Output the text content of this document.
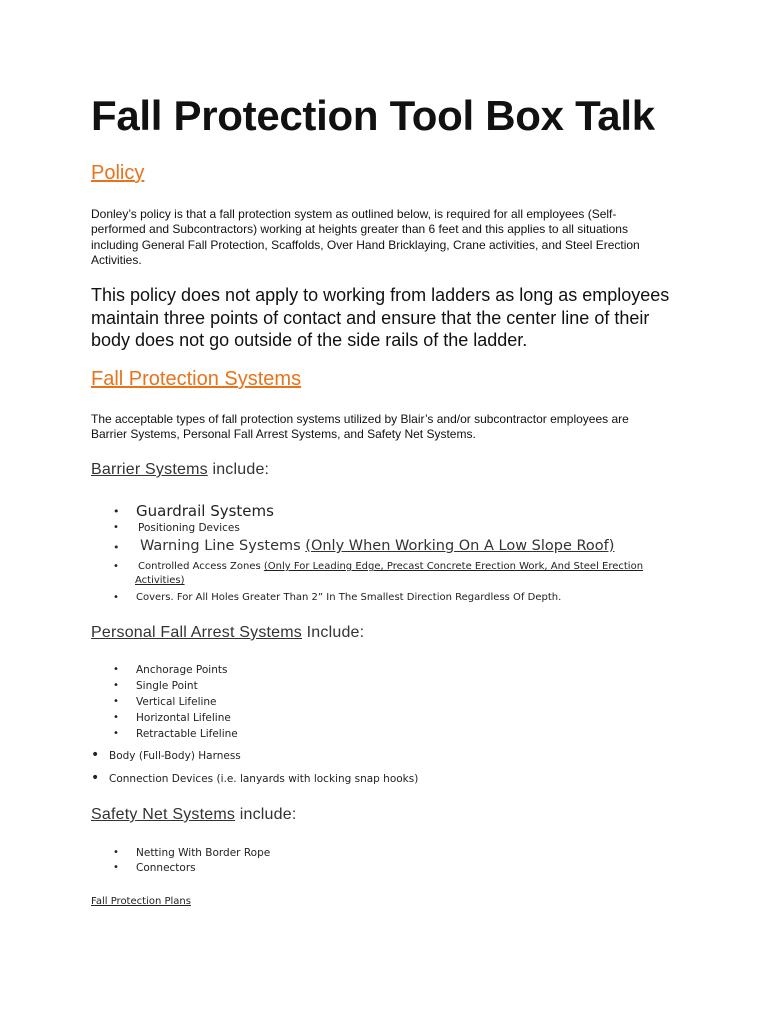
Fall Protection Tool Box Talk
Policy

Donley’s policy is that a fall protection system as outlined below, is required for all employees (Self-performed and Subcontractors) working at heights greater than 6 feet and this applies to all situations including General Fall Protection, Scaffolds, Over Hand Bricklaying, Crane activities, and Steel Erection Activities.

This policy does not apply to working from ladders as long as employees maintain three points of contact and ensure that the center line of their body does not go outside of the side rails of the ladder.

Fall Protection Systems

The acceptable types of fall protection systems utilized by Blair’s and/or subcontractor employees are Barrier Systems, Personal Fall Arrest Systems, and Safety Net Systems.

Barrier Systems include:
• Guardrail Systems
• Positioning Devices
• Warning Line Systems (Only When Working On A Low Slope Roof)
• Controlled Access Zones (Only For Leading Edge, Precast Concrete Erection Work, And Steel Erection
Activities)
• Covers. For All Holes Greater Than 2” In The Smallest Direction Regardless Of Depth.
Personal Fall Arrest Systems Include:
• Anchorage Points
• Single Point
• Vertical Lifeline
• Horizontal Lifeline
• Retractable Lifeline
• Body (Full-Body) Harness
• Connection Devices (i.e. lanyards with locking snap hooks)
Safety Net Systems include:
• Netting With Border Rope
• Connectors
Fall Protection Plans
